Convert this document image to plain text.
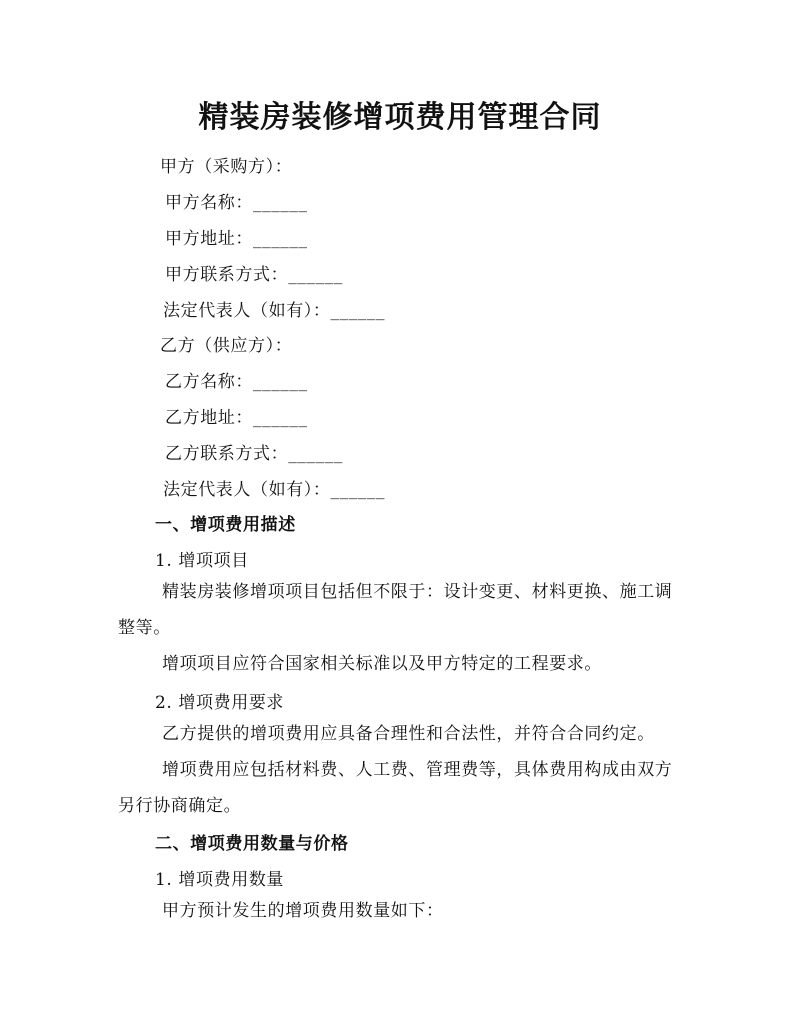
精装房装修增项费用管理合同
甲方（采购方）：
甲方名称：______
甲方地址：______
甲方联系方式：______
法定代表人（如有）：______
乙方（供应方）：
乙方名称：______
乙方地址：______
乙方联系方式：______
法定代表人（如有）：______
一、增项费用描述
1. 增项项目
精装房装修增项项目包括但不限于：设计变更、材料更换、施工调整等。
增项项目应符合国家相关标准以及甲方特定的工程要求。
2. 增项费用要求
乙方提供的增项费用应具备合理性和合法性，并符合合同约定。
增项费用应包括材料费、人工费、管理费等，具体费用构成由双方另行协商确定。
二、增项费用数量与价格
1. 增项费用数量
甲方预计发生的增项费用数量如下：
